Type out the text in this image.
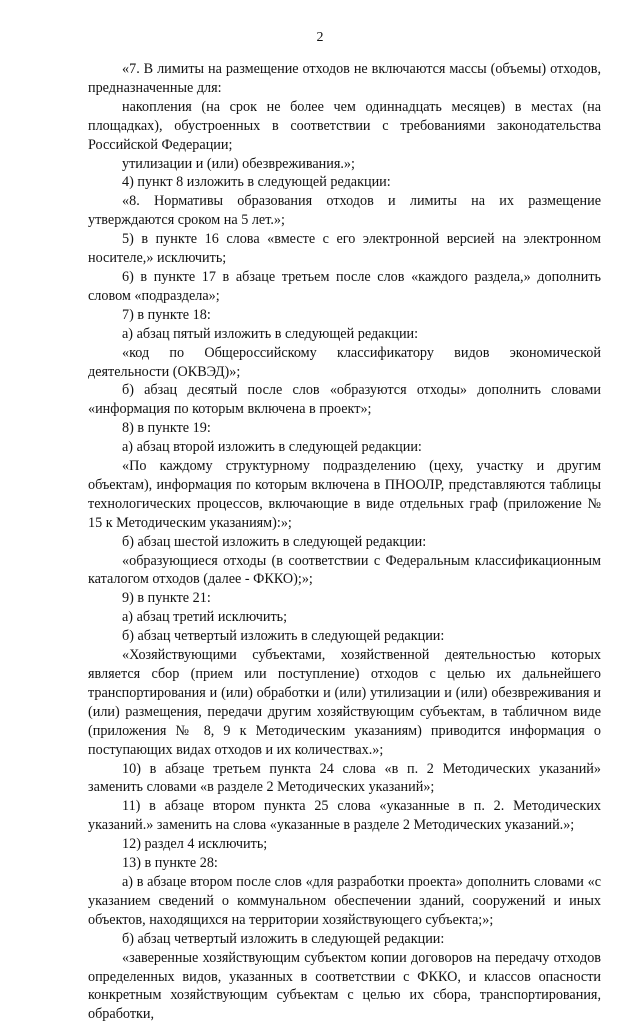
2

«7. В лимиты на размещение отходов не включаются массы (объемы) отходов, предназначенные для:

накопления (на срок не более чем одиннадцать месяцев) в местах (на площадках), обустроенных в соответствии с требованиями законодательства Российской Федерации;

утилизации и (или) обезвреживания.»;

4) пункт 8 изложить в следующей редакции:

«8. Нормативы образования отходов и лимиты на их размещение утверждаются сроком на 5 лет.»;

5) в пункте 16 слова «вместе с его электронной версией на электронном носителе,» исключить;

6) в пункте 17 в абзаце третьем после слов «каждого раздела,» дополнить словом «подраздела»;

7) в пункте 18:

а) абзац пятый изложить в следующей редакции:

«код по Общероссийскому классификатору видов экономической деятельности (ОКВЭД)»;

б) абзац десятый после слов «образуются отходы» дополнить словами «информация по которым включена в проект»;

8) в пункте 19:

а) абзац второй изложить в следующей редакции:

«По каждому структурному подразделению (цеху, участку и другим объектам), информация по которым включена в ПНООЛР, представляются таблицы технологических процессов, включающие в виде отдельных граф (приложение № 15 к Методическим указаниям):»;

б) абзац шестой изложить в следующей редакции:

«образующиеся отходы (в соответствии с Федеральным классификационным каталогом отходов (далее - ФККО);»;

9) в пункте 21:

а) абзац третий исключить;

б) абзац четвертый изложить в следующей редакции:

«Хозяйствующими субъектами, хозяйственной деятельностью которых является сбор (прием или поступление) отходов с целью их дальнейшего транспортирования и (или) обработки и (или) утилизации и (или) обезвреживания и (или) размещения, передачи другим хозяйствующим субъектам, в табличном виде (приложения № 8, 9 к Методическим указаниям) приводится информация о поступающих видах отходов и их количествах.»;

10) в абзаце третьем пункта 24 слова «в п. 2 Методических указаний» заменить словами «в разделе 2 Методических указаний»;

11) в абзаце втором пункта 25 слова «указанные в п. 2. Методических указаний.» заменить на слова «указанные в разделе 2 Методических указаний.»;

12) раздел 4 исключить;

13) в пункте 28:

а) в абзаце втором после слов «для разработки проекта» дополнить словами «с указанием сведений о коммунальном обеспечении зданий, сооружений и иных объектов, находящихся на территории хозяйствующего субъекта;»;

б) абзац четвертый изложить в следующей редакции:

«заверенные хозяйствующим субъектом копии договоров на передачу отходов определенных видов, указанных в соответствии с ФККО, и классов опасности конкретным хозяйствующим субъектам с целью их сбора, транспортирования, обработки,
